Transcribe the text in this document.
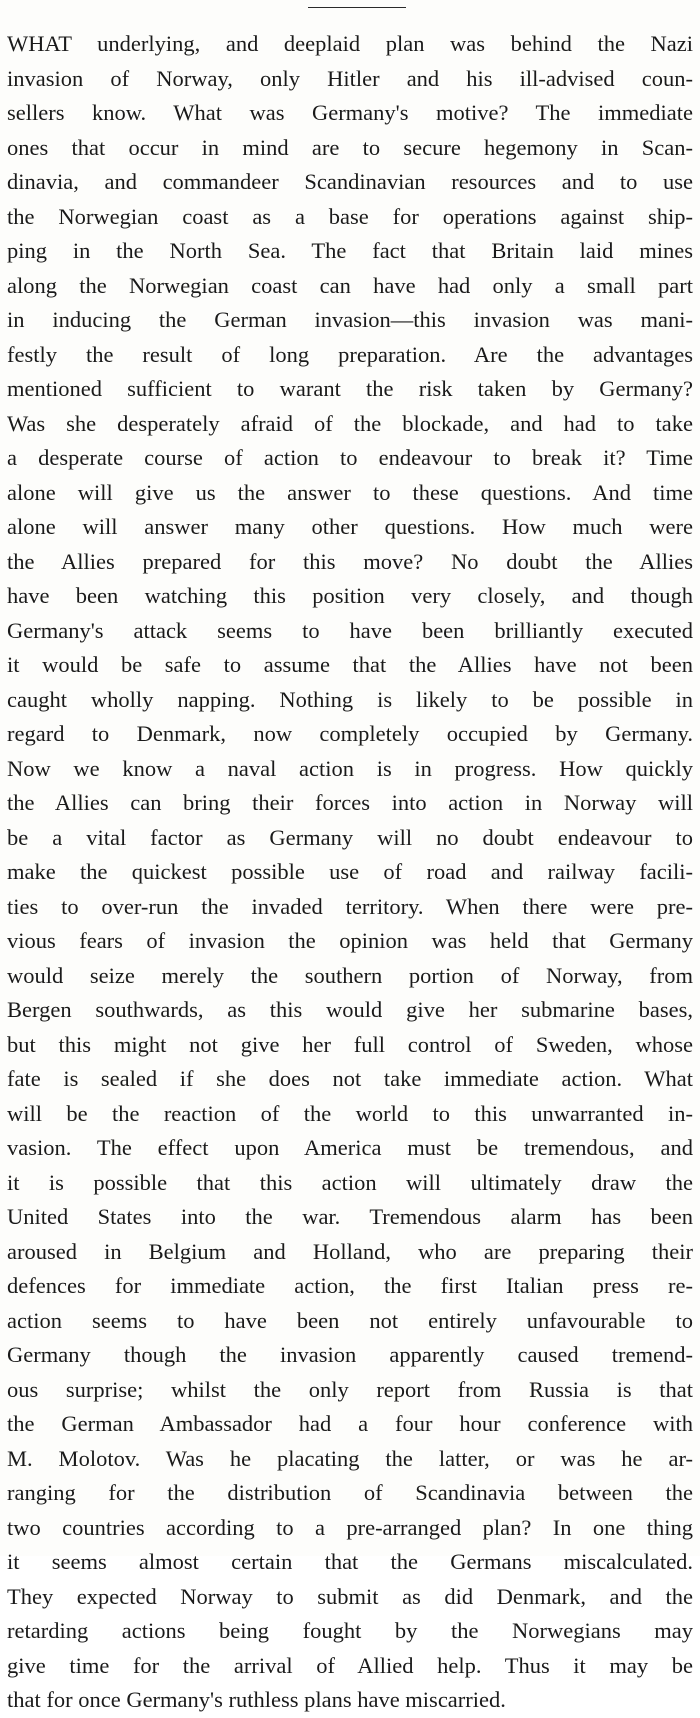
WHAT underlying, and deeplaid plan was behind the Nazi
invasion of Norway, only Hitler and his ill-advised coun-
sellers know. What was Germany's motive? The immediate
ones that occur in mind are to secure hegemony in Scan-
dinavia, and commandeer Scandinavian resources and to use
the Norwegian coast as a base for operations against ship-
ping in the North Sea. The fact that Britain laid mines
along the Norwegian coast can have had only a small part
in inducing the German invasion—this invasion was mani-
festly the result of long preparation. Are the advantages
mentioned sufficient to warant the risk taken by Germany?
Was she desperately afraid of the blockade, and had to take
a desperate course of action to endeavour to break it? Time
alone will give us the answer to these questions. And time
alone will answer many other questions. How much were
the Allies prepared for this move? No doubt the Allies
have been watching this position very closely, and though
Germany's attack seems to have been brilliantly executed
it would be safe to assume that the Allies have not been
caught wholly napping. Nothing is likely to be possible in
regard to Denmark, now completely occupied by Germany.
Now we know a naval action is in progress. How quickly
the Allies can bring their forces into action in Norway will
be a vital factor as Germany will no doubt endeavour to
make the quickest possible use of road and railway facili-
ties to over-run the invaded territory. When there were pre-
vious fears of invasion the opinion was held that Germany
would seize merely the southern portion of Norway, from
Bergen southwards, as this would give her submarine bases,
but this might not give her full control of Sweden, whose
fate is sealed if she does not take immediate action. What
will be the reaction of the world to this unwarranted in-
vasion. The effect upon America must be tremendous, and
it is possible that this action will ultimately draw the
United States into the war. Tremendous alarm has been
aroused in Belgium and Holland, who are preparing their
defences for immediate action, the first Italian press re-
action seems to have been not entirely unfavourable to
Germany though the invasion apparently caused tremend-
ous surprise; whilst the only report from Russia is that
the German Ambassador had a four hour conference with
M. Molotov. Was he placating the latter, or was he ar-
ranging for the distribution of Scandinavia between the
two countries according to a pre-arranged plan? In one thing
it seems almost certain that the Germans miscalculated.
They expected Norway to submit as did Denmark, and the
retarding actions being fought by the Norwegians may
give time for the arrival of Allied help. Thus it may be
that for once Germany's ruthless plans have miscarried.
